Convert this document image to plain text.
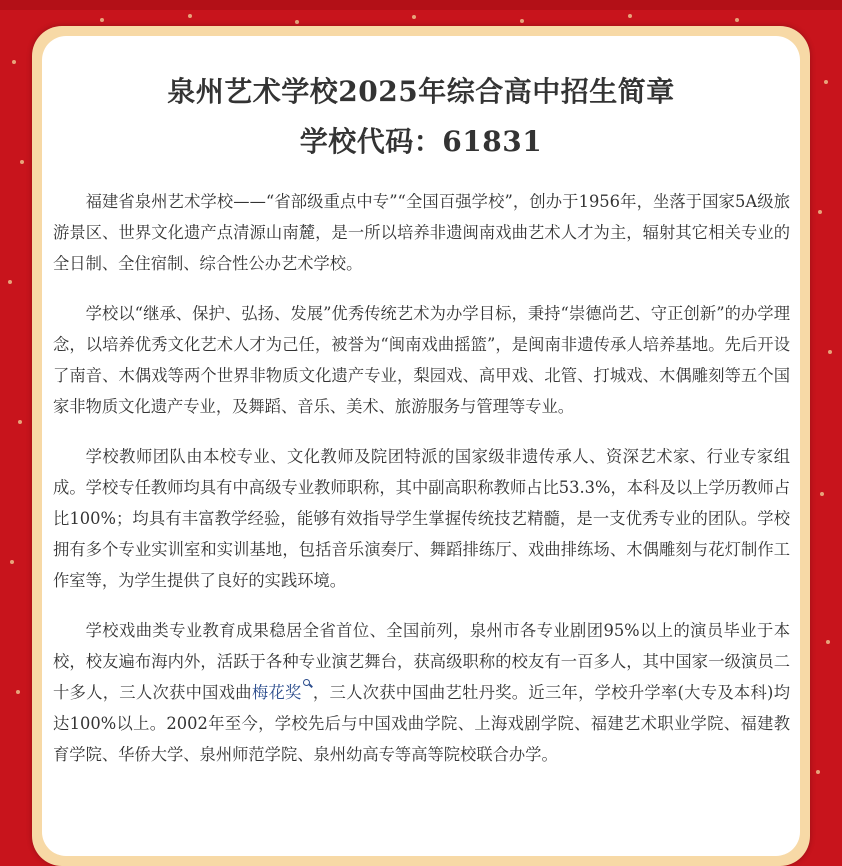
泉州艺术学校2025年综合高中招生简章
学校代码：61831

福建省泉州艺术学校——“省部级重点中专”“全国百强学校”，创办于1956年，坐落于国家5A级旅游景区、世界文化遗产点清源山南麓，是一所以培养非遗闽南戏曲艺术人才为主，辐射其它相关专业的全日制、全住宿制、综合性公办艺术学校。

学校以“继承、保护、弘扬、发展”优秀传统艺术为办学目标，秉持“崇德尚艺、守正创新”的办学理念，以培养优秀文化艺术人才为己任，被誉为“闽南戏曲摇篮”，是闽南非遗传承人培养基地。先后开设了南音、木偶戏等两个世界非物质文化遗产专业，梨园戏、高甲戏、北管、打城戏、木偶雕刻等五个国家非物质文化遗产专业，及舞蹈、音乐、美术、旅游服务与管理等专业。

学校教师团队由本校专业、文化教师及院团特派的国家级非遗传承人、资深艺术家、行业专家组成。学校专任教师均具有中高级专业教师职称，其中副高职称教师占比53.3%，本科及以上学历教师占比100%；均具有丰富教学经验，能够有效指导学生掌握传统技艺精髓，是一支优秀专业的团队。学校拥有多个专业实训室和实训基地，包括音乐演奏厅、舞蹈排练厅、戏曲排练场、木偶雕刻与花灯制作工作室等，为学生提供了良好的实践环境。

学校戏曲类专业教育成果稳居全省首位、全国前列，泉州市各专业剧团95%以上的演员毕业于本校，校友遍布海内外，活跃于各种专业演艺舞台，获高级职称的校友有一百多人，其中国家一级演员二十多人，三人次获中国戏曲梅花奖 ，三人次获中国曲艺牡丹奖。近三年，学校升学率(大专及本科)均达100%以上。2002年至今，学校先后与中国戏曲学院、上海戏剧学院、福建艺术职业学院、福建教育学院、华侨大学、泉州师范学院、泉州幼高专等高等院校联合办学。
